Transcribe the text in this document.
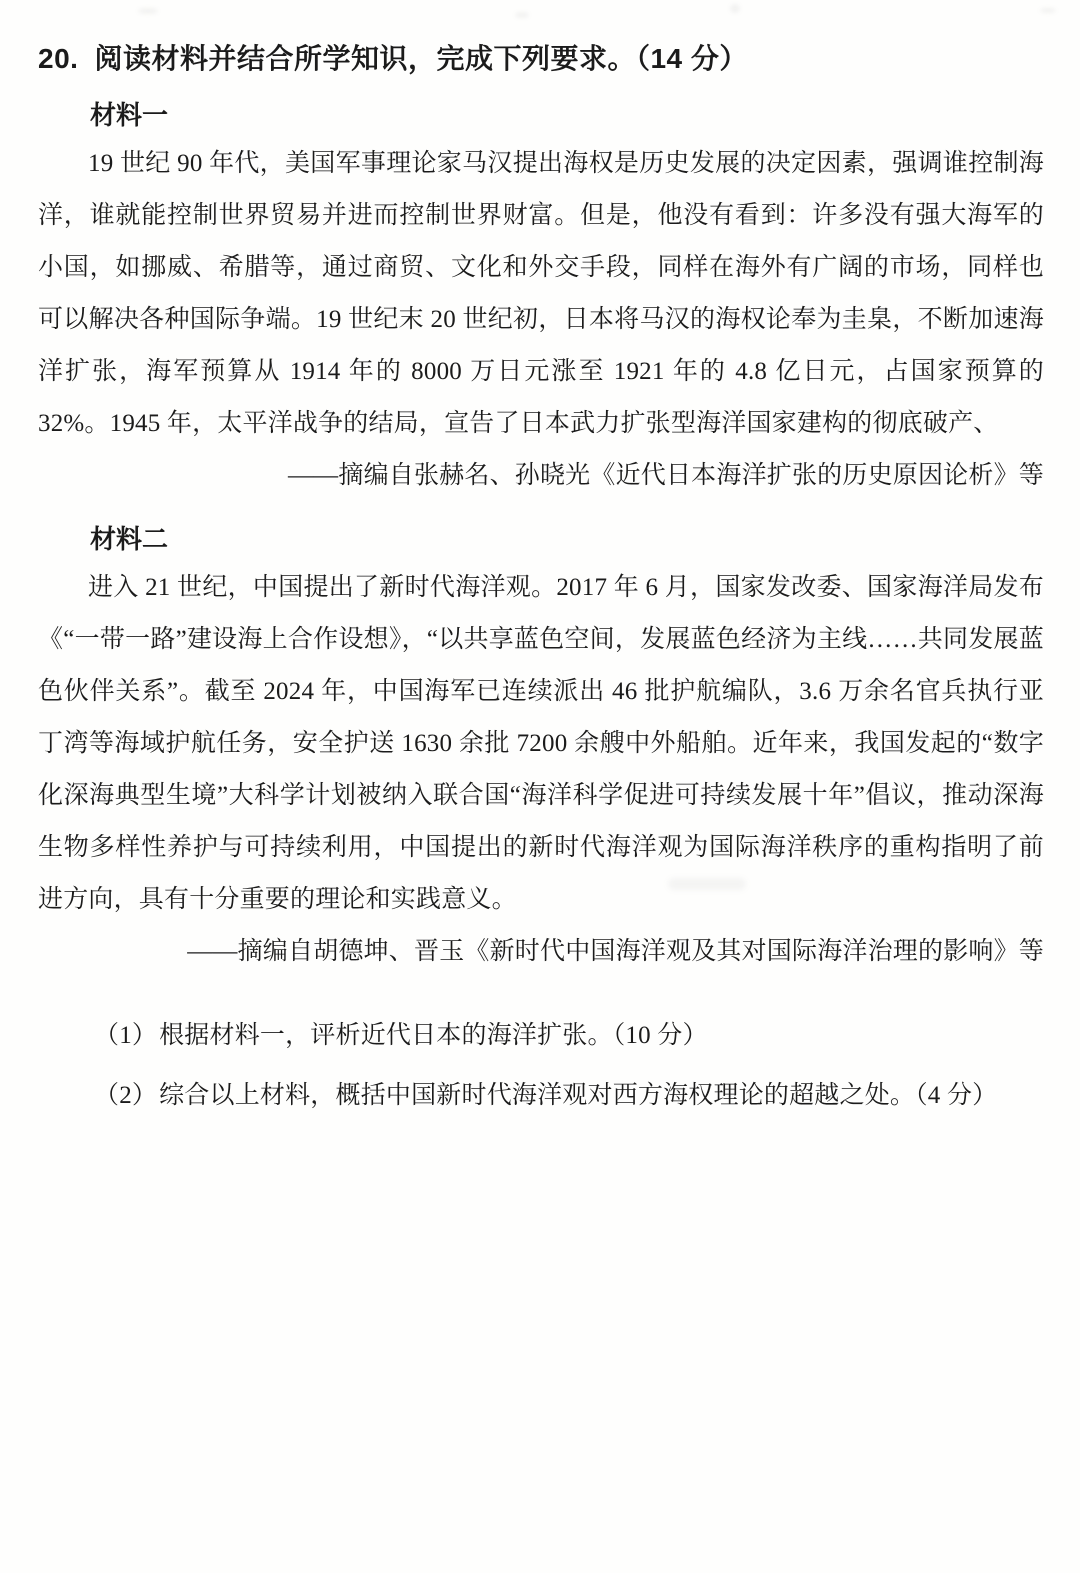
20. 阅读材料并结合所学知识，完成下列要求。（14 分）
材料一

19 世纪 90 年代，美国军事理论家马汉提出海权是历史发展的决定因素，强调谁控制海洋，谁就能控制世界贸易并进而控制世界财富。但是，他没有看到：许多没有强大海军的小国，如挪威、希腊等，通过商贸、文化和外交手段，同样在海外有广阔的市场，同样也可以解决各种国际争端。19 世纪末 20 世纪初，日本将马汉的海权论奉为圭臬，不断加速海洋扩张，海军预算从 1914 年的 8000 万日元涨至 1921 年的 4.8 亿日元，占国家预算的 32%。1945 年，太平洋战争的结局，宣告了日本武力扩张型海洋国家建构的彻底破产、

——摘编自张赫名、孙晓光《近代日本海洋扩张的历史原因论析》等

材料二

进入 21 世纪，中国提出了新时代海洋观。2017 年 6 月，国家发改委、国家海洋局发布《“一带一路”建设海上合作设想》，“以共享蓝色空间，发展蓝色经济为主线……共同发展蓝色伙伴关系”。截至 2024 年，中国海军已连续派出 46 批护航编队，3.6 万余名官兵执行亚丁湾等海域护航任务，安全护送 1630 余批 7200 余艘中外船舶。近年来，我国发起的“数字化深海典型生境”大科学计划被纳入联合国“海洋科学促进可持续发展十年”倡议，推动深海生物多样性养护与可持续利用，中国提出的新时代海洋观为国际海洋秩序的重构指明了前进方向，具有十分重要的理论和实践意义。

——摘编自胡德坤、晋玉《新时代中国海洋观及其对国际海洋治理的影响》等

（1）根据材料一，评析近代日本的海洋扩张。（10 分）

（2）综合以上材料，概括中国新时代海洋观对西方海权理论的超越之处。（4 分）
